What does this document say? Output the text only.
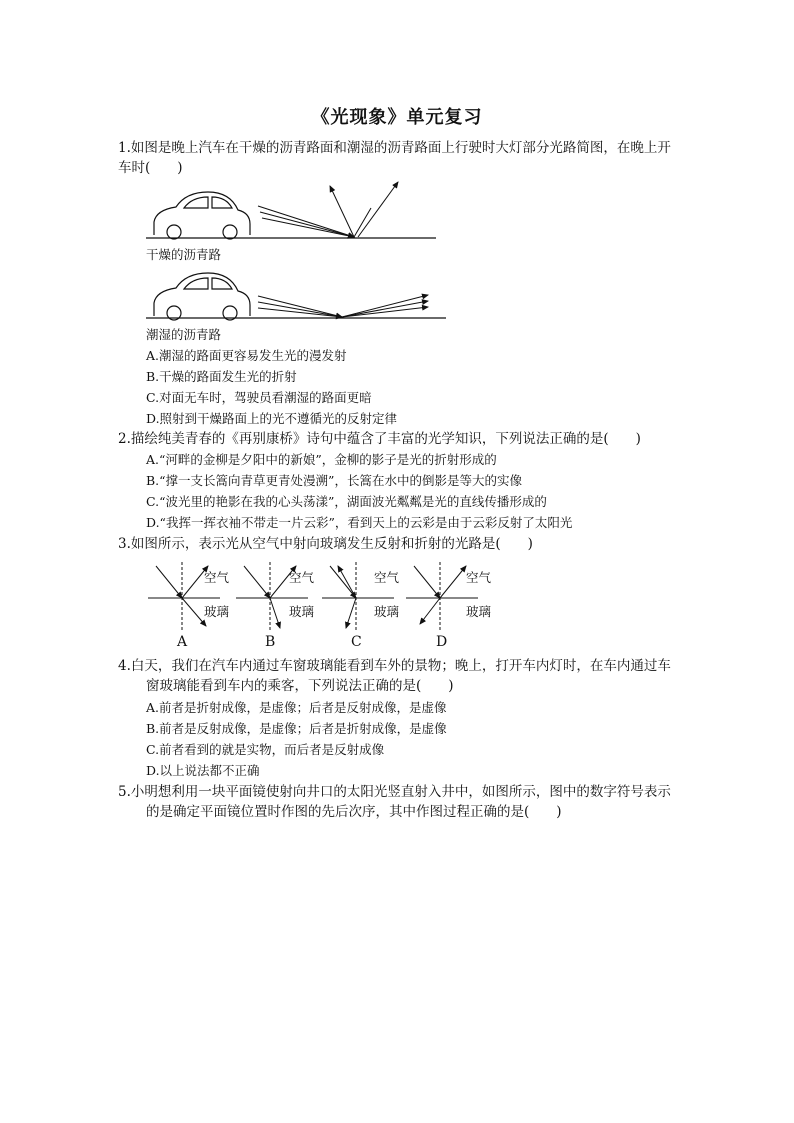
《光现象》单元复习
1.如图是晚上汽车在干燥的沥青路面和潮湿的沥青路面上行驶时大灯部分光路简图，在晚上开
车时(　　)
干燥的沥青路
潮湿的沥青路
A.潮湿的路面更容易发生光的漫发射
B.干燥的路面发生光的折射
C.对面无车时，驾驶员看潮湿的路面更暗
D.照射到干燥路面上的光不遵循光的反射定律
2.描绘纯美青春的《再别康桥》诗句中蕴含了丰富的光学知识，下列说法正确的是(　　)
A.“河畔的金柳是夕阳中的新娘”，金柳的影子是光的折射形成的
B.“撑一支长篙向青草更青处漫溯”，长篙在水中的倒影是等大的实像
C.“波光里的艳影在我的心头荡漾”，湖面波光粼粼是光的直线传播形成的
D.“我挥一挥衣袖不带走一片云彩”，看到天上的云彩是由于云彩反射了太阳光
3.如图所示，表示光从空气中射向玻璃发生反射和折射的光路是(　　)
空气
玻璃
空气
玻璃
空气
玻璃
空气
玻璃
A	B	C	D
4.白天，我们在汽车内通过车窗玻璃能看到车外的景物；晚上，打开车内灯时，在车内通过车
窗玻璃能看到车内的乘客，下列说法正确的是(　　)
A.前者是折射成像，是虚像；后者是反射成像，是虚像
B.前者是反射成像，是虚像；后者是折射成像，是虚像
C.前者看到的就是实物，而后者是反射成像
D.以上说法都不正确
5.小明想利用一块平面镜使射向井口的太阳光竖直射入井中，如图所示，图中的数字符号表示
的是确定平面镜位置时作图的先后次序，其中作图过程正确的是(　　)
